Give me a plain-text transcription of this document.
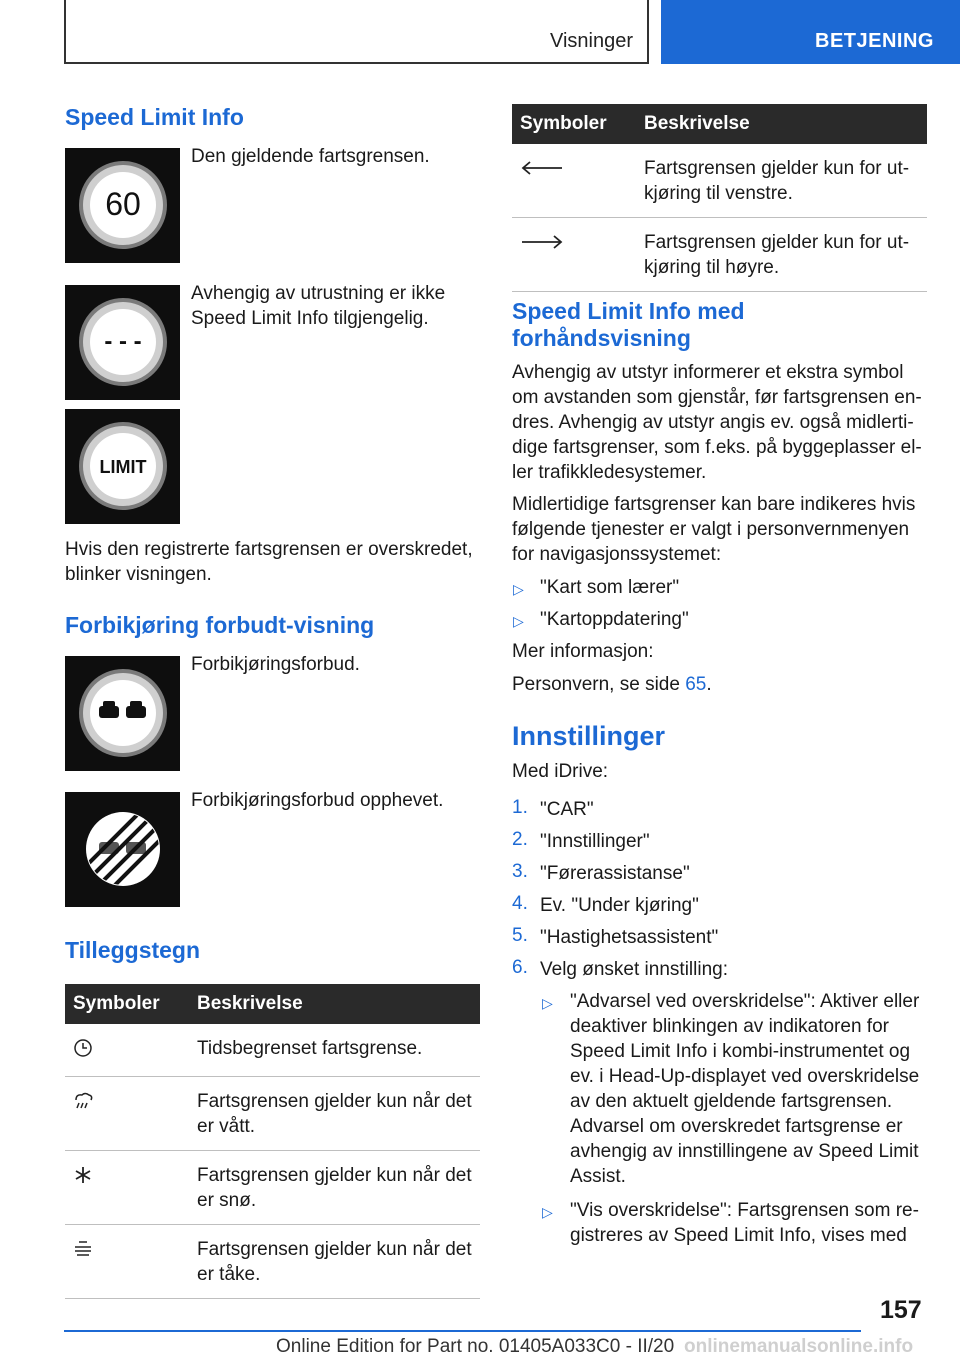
Visninger	BETJENING
Speed Limit Info
60
Den gjeldende fartsgrensen.
- - -
Avhengig av utrustning er ikke Speed Limit Info tilgjengelig.
LIMIT
Hvis den registrerte fartsgrensen er overskredet, blinker visningen.
Forbikjøring forbudt-visning
Forbikjøringsforbud.
Forbikjøringsforbud opphevet.
Tilleggstegn
Symboler	Beskrivelse
	Tidsbegrenset fartsgrense.
	Fartsgrensen gjelder kun når det er vått.
	Fartsgrensen gjelder kun når det er snø.
	Fartsgrensen gjelder kun når det er tåke.
Symboler	Beskrivelse
	Fartsgrensen gjelder kun for ut-kjøring til venstre.
	Fartsgrensen gjelder kun for ut-kjøring til høyre.
Speed Limit Info med forhåndsvisning
Avhengig av utstyr informerer et ekstra symbol om avstanden som gjenstår, før fartsgrensen en-dres. Avhengig av utstyr angis ev. også midlerti-dige fartsgrenser, som f.eks. på byggeplasser el-ler trafikkledesystemer.
Midlertidige fartsgrenser kan bare indikeres hvis følgende tjenester er valgt i personvernmenyen for navigasjonssystemet:
▷ "Kart som lærer"
▷ "Kartoppdatering"
Mer informasjon:
Personvern, se side 65.
Innstillinger
Med iDrive:
1. "CAR"
2. "Innstillinger"
3. "Førerassistanse"
4. Ev. "Under kjøring"
5. "Hastighetsassistent"
6. Velg ønsket innstilling:
▷ "Advarsel ved overskridelse": Aktiver eller deaktiver blinkingen av indikatoren for Speed Limit Info i kombi-instrumentet og ev. i Head-Up-displayet ved overskridelse av den aktuelt gjeldende fartsgrensen. Advarsel om overskredet fartsgrense er avhengig av innstillingene av Speed Limit Assist.
▷ "Vis overskridelse": Fartsgrensen som re-gistreres av Speed Limit Info, vises med
157
Online Edition for Part no. 01405A033C0 - II/20 onlinemanualsonline.info
